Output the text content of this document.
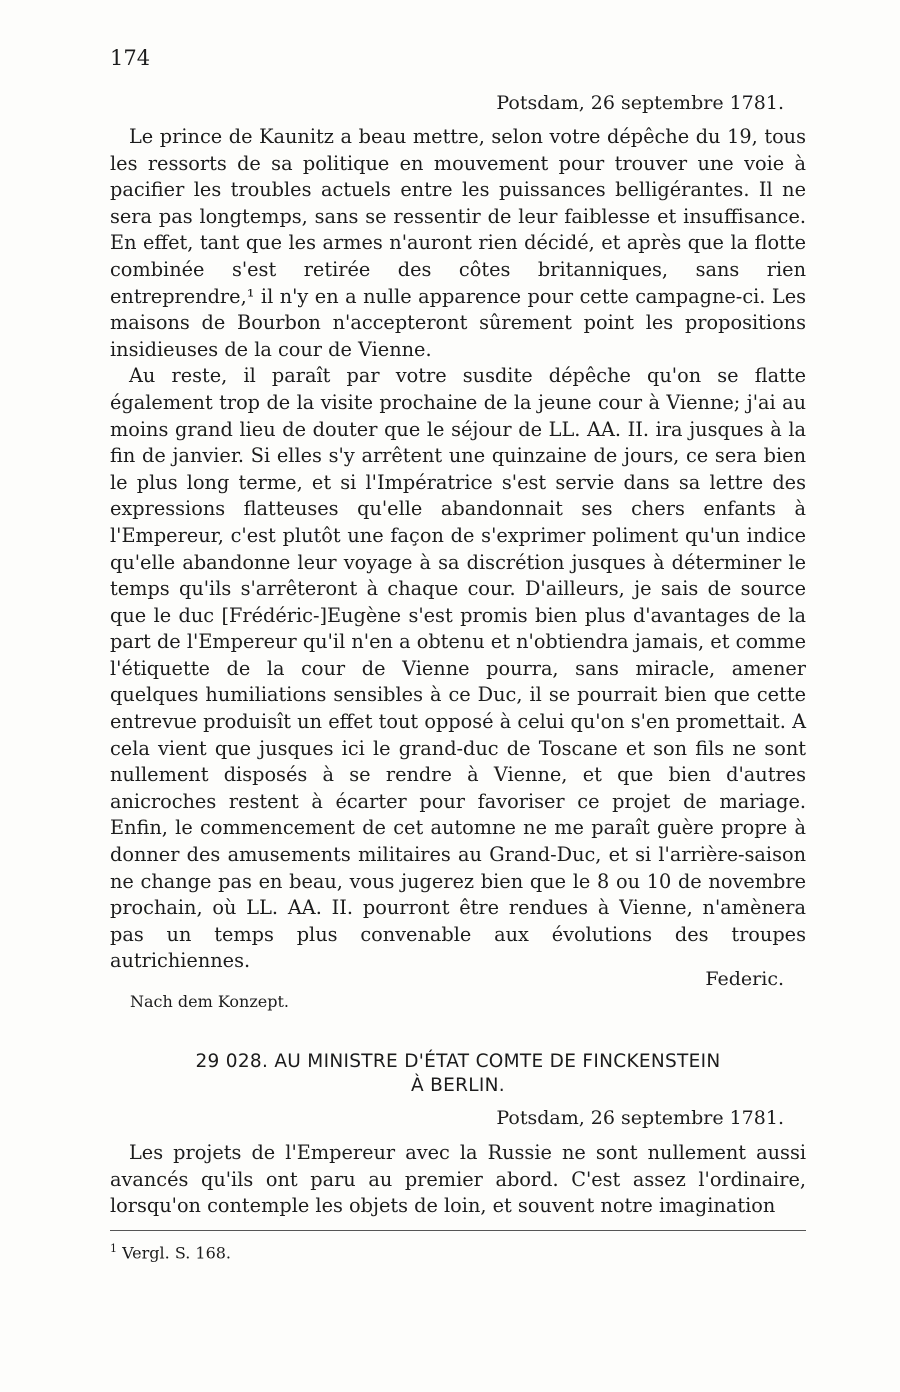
174
Potsdam, 26 septembre 1781.

Le prince de Kaunitz a beau mettre, selon votre dépêche du 19, tous les ressorts de sa politique en mouvement pour trouver une voie à pacifier les troubles actuels entre les puissances belligérantes. Il ne sera pas longtemps, sans se ressentir de leur faiblesse et insuffisance. En effet, tant que les armes n'auront rien décidé, et après que la flotte combinée s'est retirée des côtes britanniques, sans rien entreprendre,¹ il n'y en a nulle apparence pour cette campagne-ci. Les maisons de Bourbon n'accepteront sûrement point les propositions insidieuses de la cour de Vienne.

Au reste, il paraît par votre susdite dépêche qu'on se flatte également trop de la visite prochaine de la jeune cour à Vienne; j'ai au moins grand lieu de douter que le séjour de LL. AA. II. ira jusques à la fin de janvier. Si elles s'y arrêtent une quinzaine de jours, ce sera bien le plus long terme, et si l'Impératrice s'est servie dans sa lettre des expressions flatteuses qu'elle abandonnait ses chers enfants à l'Empereur, c'est plutôt une façon de s'exprimer poliment qu'un indice qu'elle abandonne leur voyage à sa discrétion jusques à déterminer le temps qu'ils s'arrêteront à chaque cour. D'ailleurs, je sais de source que le duc [Frédéric-]Eugène s'est promis bien plus d'avantages de la part de l'Empereur qu'il n'en a obtenu et n'obtiendra jamais, et comme l'étiquette de la cour de Vienne pourra, sans miracle, amener quelques humiliations sensibles à ce Duc, il se pourrait bien que cette entrevue produisît un effet tout opposé à celui qu'on s'en promettait. A cela vient que jusques ici le grand-duc de Toscane et son fils ne sont nullement disposés à se rendre à Vienne, et que bien d'autres anicroches restent à écarter pour favoriser ce projet de mariage. Enfin, le commencement de cet automne ne me paraît guère propre à donner des amusements militaires au Grand-Duc, et si l'arrière-saison ne change pas en beau, vous jugerez bien que le 8 ou 10 de novembre prochain, où LL. AA. II. pourront être rendues à Vienne, n'amènera pas un temps plus convenable aux évolutions des troupes autrichiennes.

Federic.
Nach dem Konzept.
29 028. AU MINISTRE D'ÉTAT COMTE DE FINCKENSTEIN
À BERLIN.
Potsdam, 26 septembre 1781.

Les projets de l'Empereur avec la Russie ne sont nullement aussi avancés qu'ils ont paru au premier abord. C'est assez l'ordinaire, lorsqu'on contemple les objets de loin, et souvent notre imagination

$^1$ Vergl. S. 168.
